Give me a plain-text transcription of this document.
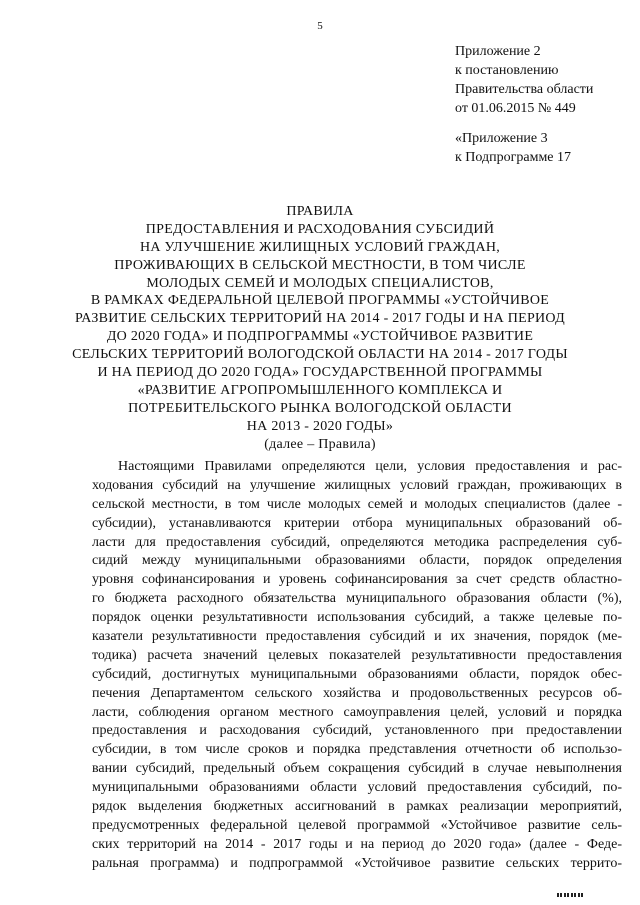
5
Приложение 2
к постановлению
Правительства области
от 01.06.2015 № 449
«Приложение 3
к Подпрограмме 17
ПРАВИЛА
ПРЕДОСТАВЛЕНИЯ И РАСХОДОВАНИЯ СУБСИДИЙ
НА УЛУЧШЕНИЕ ЖИЛИЩНЫХ УСЛОВИЙ ГРАЖДАН,
ПРОЖИВАЮЩИХ В СЕЛЬСКОЙ МЕСТНОСТИ, В ТОМ ЧИСЛЕ
МОЛОДЫХ СЕМЕЙ И МОЛОДЫХ СПЕЦИАЛИСТОВ,
В РАМКАХ ФЕДЕРАЛЬНОЙ ЦЕЛЕВОЙ ПРОГРАММЫ «УСТОЙЧИВОЕ
РАЗВИТИЕ СЕЛЬСКИХ ТЕРРИТОРИЙ НА 2014 - 2017 ГОДЫ И НА ПЕРИОД
ДО 2020 ГОДА» И ПОДПРОГРАММЫ «УСТОЙЧИВОЕ РАЗВИТИЕ
СЕЛЬСКИХ ТЕРРИТОРИЙ ВОЛОГОДСКОЙ ОБЛАСТИ НА 2014 - 2017 ГОДЫ
И НА ПЕРИОД ДО 2020 ГОДА» ГОСУДАРСТВЕННОЙ ПРОГРАММЫ
«РАЗВИТИЕ АГРОПРОМЫШЛЕННОГО КОМПЛЕКСА И
ПОТРЕБИТЕЛЬСКОГО РЫНКА ВОЛОГОДСКОЙ ОБЛАСТИ
НА 2013 - 2020 ГОДЫ»
(далее – Правила)
Настоящими Правилами определяются цели, условия предоставления и рас-
ходования субсидий на улучшение жилищных условий граждан, проживающих в
сельской местности, в том числе молодых семей и молодых специалистов (далее -
субсидии), устанавливаются критерии отбора муниципальных образований об-
ласти для предоставления субсидий, определяются методика распределения суб-
сидий между муниципальными образованиями области, порядок определения
уровня софинансирования и уровень софинансирования за счет средств областно-
го бюджета расходного обязательства муниципального образования области (%),
порядок оценки результативности использования субсидий, а также целевые по-
казатели результативности предоставления субсидий и их значения, порядок (ме-
тодика) расчета значений целевых показателей результативности предоставления
субсидий, достигнутых муниципальными образованиями области, порядок обес-
печения Департаментом сельского хозяйства и продовольственных ресурсов об-
ласти, соблюдения органом местного самоуправления целей, условий и порядка
предоставления и расходования субсидий, установленного при предоставлении
субсидии, в том числе сроков и порядка представления отчетности об использо-
вании субсидий, предельный объем сокращения субсидий в случае невыполнения
муниципальными образованиями области условий предоставления субсидий, по-
рядок выделения бюджетных ассигнований в рамках реализации мероприятий,
предусмотренных федеральной целевой программой «Устойчивое развитие сель-
ских территорий на 2014 - 2017 годы и на период до 2020 года» (далее - Феде-
ральная программа) и подпрограммой «Устойчивое развитие сельских террито-
